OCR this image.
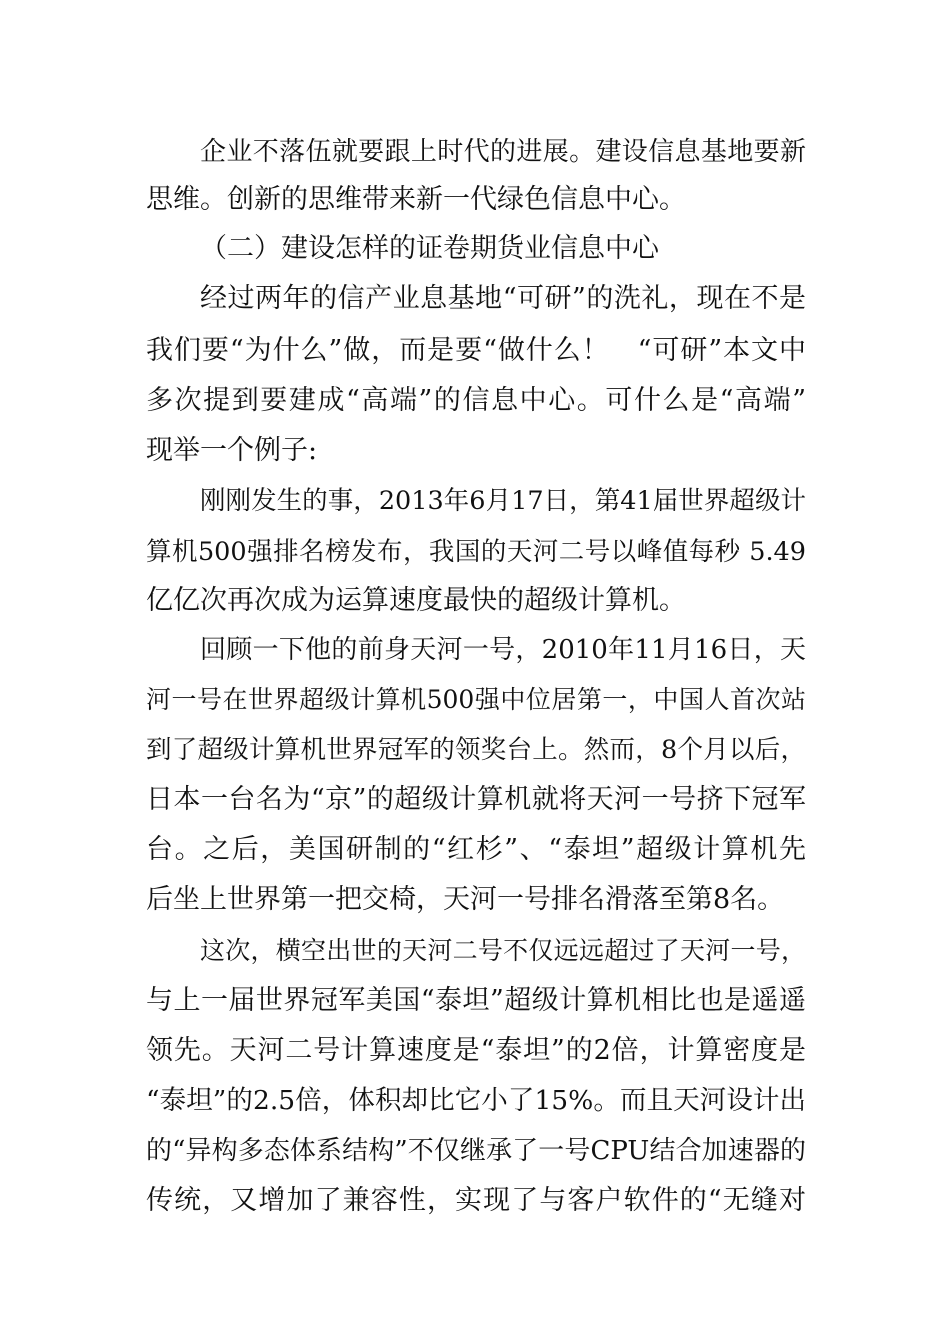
企业不落伍就要跟上时代的进展。建设信息基地要新
思维。创新的思维带来新一代绿色信息中心。
（二）建设怎样的证卷期货业信息中心
经过两年的信产业息基地“可研”的洗礼，现在不是
我们要“为什么”做，而是要“做什么！　“可研”本文中
多次提到要建成“高端”的信息中心。可什么是“高端”
现举一个例子:
刚刚发生的事，2013年6月17日，第41届世界超级计
算机500强排名榜发布，我国的天河二号以峰值每秒 5.49
亿亿次再次成为运算速度最快的超级计算机。
回顾一下他的前身天河一号，2010年11月16日，天
河一号在世界超级计算机500强中位居第一，中国人首次站
到了超级计算机世界冠军的领奖台上。然而，8个月以后，
日本一台名为“京”的超级计算机就将天河一号挤下冠军
台。之后，美国研制的“红杉”、“泰坦”超级计算机先
后坐上世界第一把交椅，天河一号排名滑落至第8名。
这次，横空出世的天河二号不仅远远超过了天河一号，
与上一届世界冠军美国“泰坦”超级计算机相比也是遥遥
领先。天河二号计算速度是“泰坦”的2倍，计算密度是
“泰坦”的2.5倍，体积却比它小了15%。而且天河设计出
的“异构多态体系结构”不仅继承了一号CPU结合加速器的
传统，又增加了兼容性，实现了与客户软件的“无缝对
